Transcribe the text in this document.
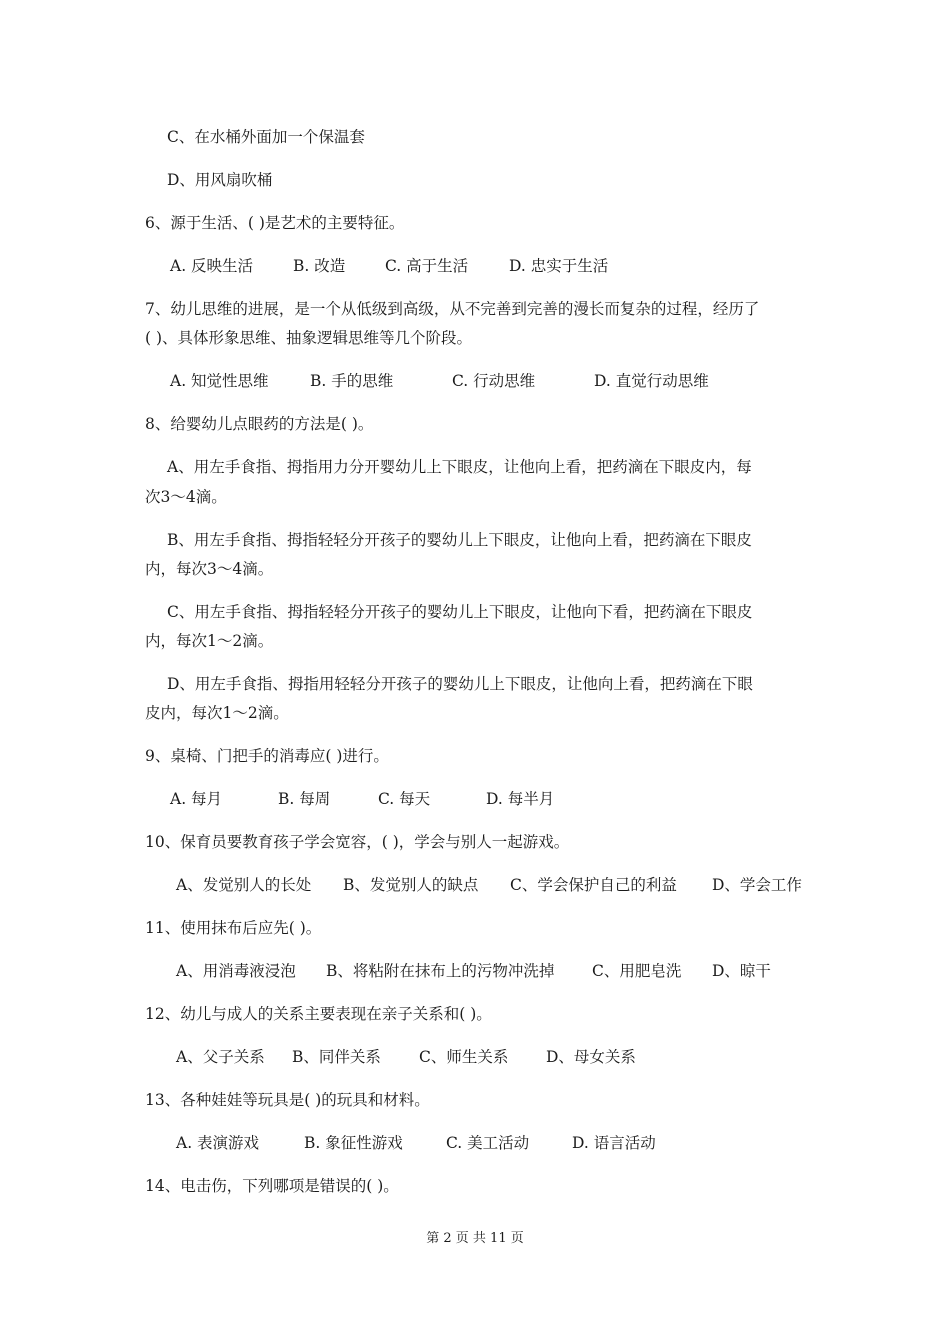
C、在水桶外面加一个保温套
D、用风扇吹桶
6、源于生活、( )是艺术的主要特征。
A. 反映生活	B. 改造	C. 高于生活	D. 忠实于生活
7、幼儿思维的进展，是一个从低级到高级，从不完善到完善的漫长而复杂的过程，经历了
( )、具体形象思维、抽象逻辑思维等几个阶段。
A. 知觉性思维	B. 手的思维	C. 行动思维	D. 直觉行动思维
8、给婴幼儿点眼药的方法是( )。
A、用左手食指、拇指用力分开婴幼儿上下眼皮，让他向上看，把药滴在下眼皮内，每
次3～4滴。
B、用左手食指、拇指轻轻分开孩子的婴幼儿上下眼皮，让他向上看，把药滴在下眼皮
内，每次3～4滴。
C、用左手食指、拇指轻轻分开孩子的婴幼儿上下眼皮，让他向下看，把药滴在下眼皮
内，每次1～2滴。
D、用左手食指、拇指用轻轻分开孩子的婴幼儿上下眼皮，让他向上看，把药滴在下眼
皮内，每次1～2滴。
9、桌椅、门把手的消毒应( )进行。
A. 每月	B. 每周	C. 每天	D. 每半月
10、保育员要教育孩子学会宽容，( )，学会与别人一起游戏。
A、发觉别人的长处 B、发觉别人的缺点 C、学会保护自己的利益 D、学会工作
11、使用抹布后应先( )。
A、用消毒液浸泡 B、将粘附在抹布上的污物冲洗掉 C、用肥皂洗 D、晾干
12、幼儿与成人的关系主要表现在亲子关系和( )。
A、父子关系 B、同伴关系 C、师生关系 D、母女关系
13、各种娃娃等玩具是( )的玩具和材料。
A. 表演游戏	B. 象征性游戏	C. 美工活动	D. 语言活动
14、电击伤，下列哪项是错误的( )。
第 2 页 共 11 页
